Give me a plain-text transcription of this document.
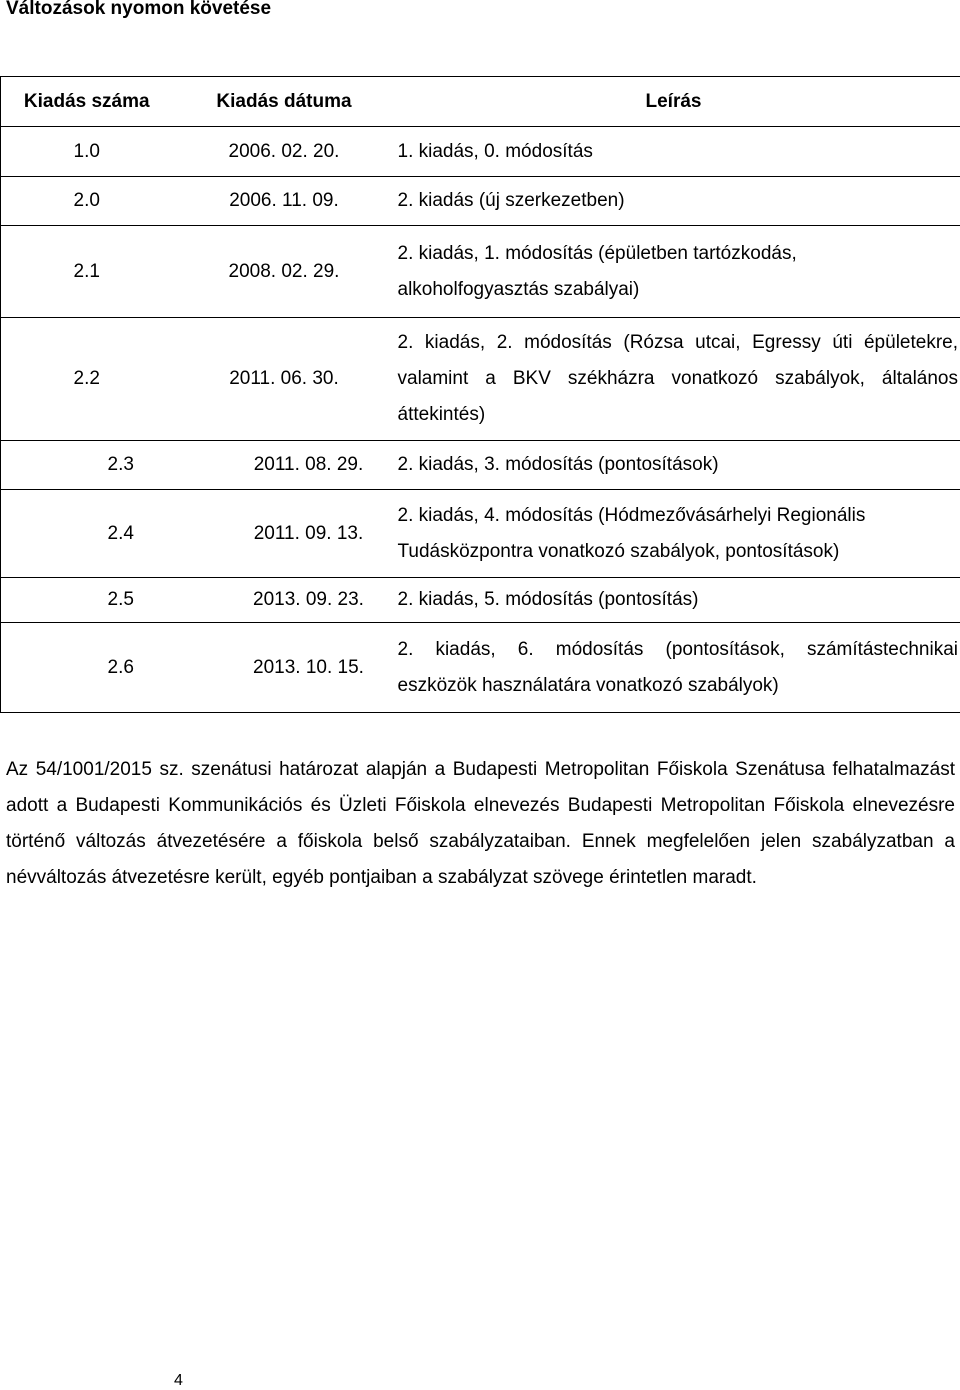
Változások nyomon követése
Kiadás száma	Kiadás dátuma	Leírás
1.0	2006. 02. 20.	1. kiadás, 0. módosítás

2.0	2006. 11. 09.	2. kiadás (új szerkezetben)

2.1	2008. 02. 29.	2. kiadás, 1. módosítás (épületben tartózkodás,
alkoholfogyasztás szabályai)

2.2	2011. 06. 30.	2. kiadás, 2. módosítás (Rózsa utcai, Egressy úti épületekre,
valamint a BKV székházra vonatkozó szabályok, általános
áttekintés)

2.3	2011. 08. 29.	2. kiadás, 3. módosítás (pontosítások)

2.4	2011. 09. 13.	2. kiadás, 4. módosítás (Hódmezővásárhelyi Regionális
Tudásközpontra vonatkozó szabályok, pontosítások)

2.5	2013. 09. 23.	2. kiadás, 5. módosítás (pontosítás)

2.6	2013. 10. 15.	2. kiadás, 6. módosítás (pontosítások, számítástechnikai
eszközök használatára vonatkozó szabályok)

Az 54/1001/2015 sz. szenátusi határozat alapján a Budapesti Metropolitan Főiskola Szenátusa felhatalmazást adott a Budapesti Kommunikációs és Üzleti Főiskola elnevezés Budapesti Metropolitan Főiskola elnevezésre történő változás átvezetésére a főiskola belső szabályzataiban. Ennek megfelelően jelen szabályzatban a névváltozás átvezetésre került, egyéb pontjaiban a szabályzat szövege érintetlen maradt.

4
